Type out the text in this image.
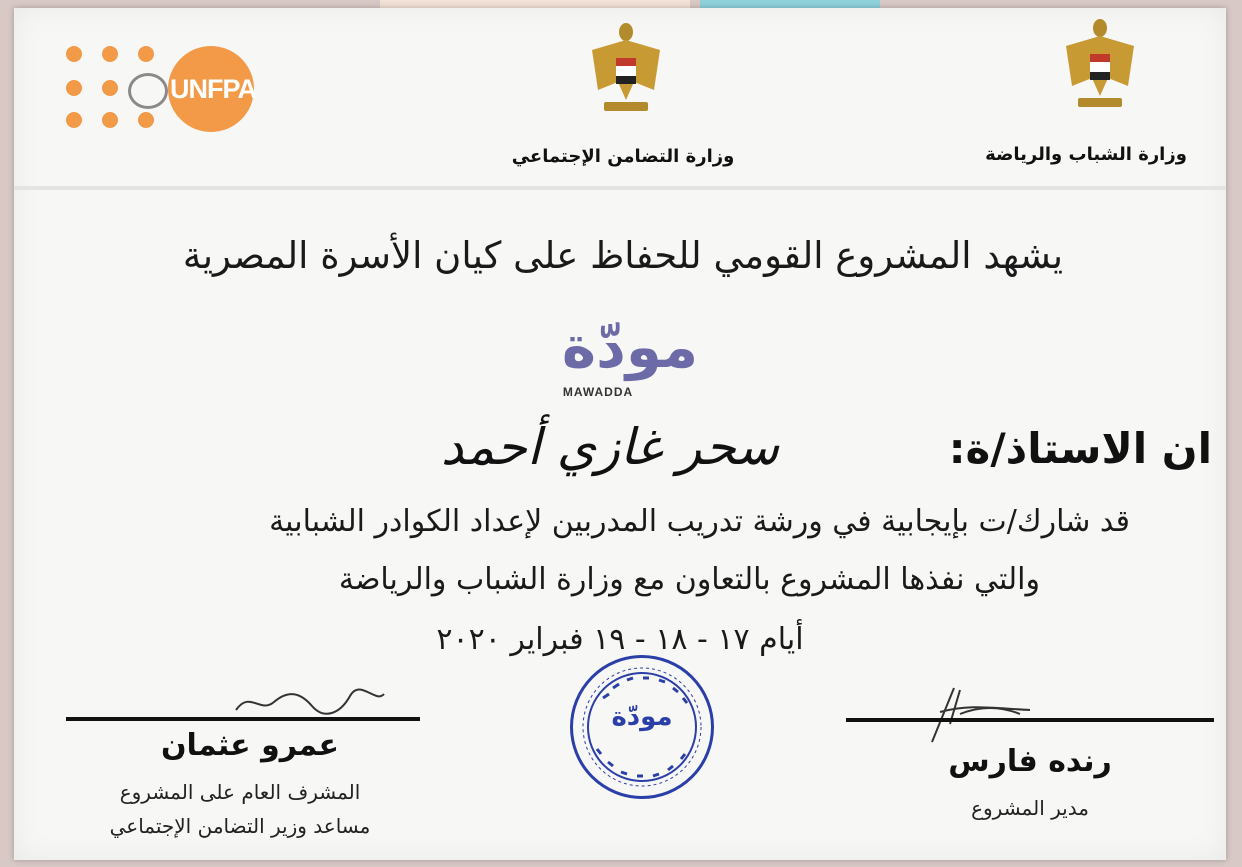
UNFPA
وزارة التضامن الإجتماعي	وزارة الشباب والرياضة
يشهد المشروع القومي للحفاظ على كيان الأسرة المصرية
مودّة
MAWADDA
ان الاستاذ/ة:
سحر غازي أحمد
قد شارك/ت بإيجابية في ورشة تدريب المدربين لإعداد الكوادر الشبابية
والتي نفذها المشروع بالتعاون مع وزارة الشباب والرياضة
أيام ١٧ - ١٨ - ١٩ فبراير ٢٠٢٠
عمرو عثمان
المشرف العام على المشروع
مساعد وزير التضامن الإجتماعي
مودّة
رنده فارس
مدير المشروع
